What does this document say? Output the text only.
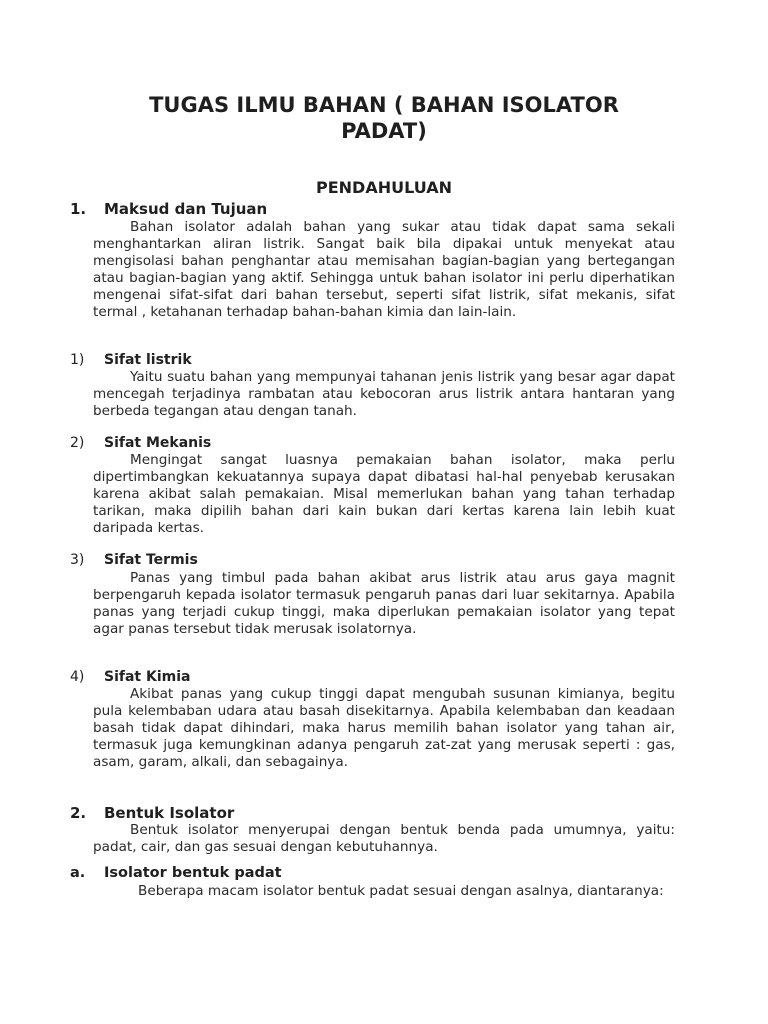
TUGAS ILMU BAHAN ( BAHAN ISOLATOR PADAT)
PENDAHULUAN
1. Maksud dan Tujuan
Bahan isolator adalah bahan yang sukar atau tidak dapat sama sekali menghantarkan aliran listrik. Sangat baik bila dipakai untuk menyekat atau mengisolasi bahan penghantar atau memisahan bagian-bagian yang bertegangan atau bagian-bagian yang aktif. Sehingga untuk bahan isolator ini perlu diperhatikan mengenai sifat-sifat dari bahan tersebut, seperti sifat listrik, sifat mekanis, sifat termal , ketahanan terhadap bahan-bahan kimia dan lain-lain.
1) Sifat listrik
Yaitu suatu bahan yang mempunyai tahanan jenis listrik yang besar agar dapat mencegah terjadinya rambatan atau kebocoran arus listrik antara hantaran yang berbeda tegangan atau dengan tanah.
2) Sifat Mekanis
Mengingat sangat luasnya pemakaian bahan isolator, maka perlu dipertimbangkan kekuatannya supaya dapat dibatasi hal-hal penyebab kerusakan karena akibat salah pemakaian. Misal memerlukan bahan yang tahan terhadap tarikan, maka dipilih bahan dari kain bukan dari kertas karena lain lebih kuat daripada kertas.
3) Sifat Termis
Panas yang timbul pada bahan akibat arus listrik atau arus gaya magnit berpengaruh kepada isolator termasuk pengaruh panas dari luar sekitarnya. Apabila panas yang terjadi cukup tinggi, maka diperlukan pemakaian isolator yang tepat agar panas tersebut tidak merusak isolatornya.
4) Sifat Kimia
Akibat panas yang cukup tinggi dapat mengubah susunan kimianya, begitu pula kelembaban udara atau basah disekitarnya. Apabila kelembaban dan keadaan basah tidak dapat dihindari, maka harus memilih bahan isolator yang tahan air, termasuk juga kemungkinan adanya pengaruh zat-zat yang merusak seperti : gas, asam, garam, alkali, dan sebagainya.
2. Bentuk Isolator
Bentuk isolator menyerupai dengan bentuk benda pada umumnya, yaitu: padat, cair, dan gas sesuai dengan kebutuhannya.
a. Isolator bentuk padat
Beberapa macam isolator bentuk padat sesuai dengan asalnya, diantaranya:
